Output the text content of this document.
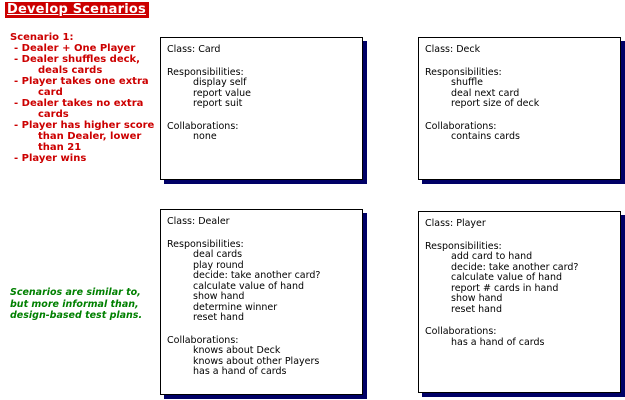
Develop Scenarios
Scenario 1:
- Dealer + One Player
- Dealer shuffles deck, deals cards
- Player takes one extra card
- Dealer takes no extra cards
- Player has higher score than Dealer, lower than 21
- Player wins
Scenarios are similar to, but more informal than, design-based test plans.
Class: Card
Responsibilities:
display self
report value
report suit
Collaborations:
none
Class: Deck
Responsibilities:
shuffle
deal next card
report size of deck
Collaborations:
contains cards
Class: Dealer
Responsibilities:
deal cards
play round
decide: take another card?
calculate value of hand
show hand
determine winner
reset hand
Collaborations:
knows about Deck
knows about other Players
has a hand of cards
Class: Player
Responsibilities:
add card to hand
decide: take another card?
calculate value of hand
report # cards in hand
show hand
reset hand
Collaborations:
has a hand of cards
